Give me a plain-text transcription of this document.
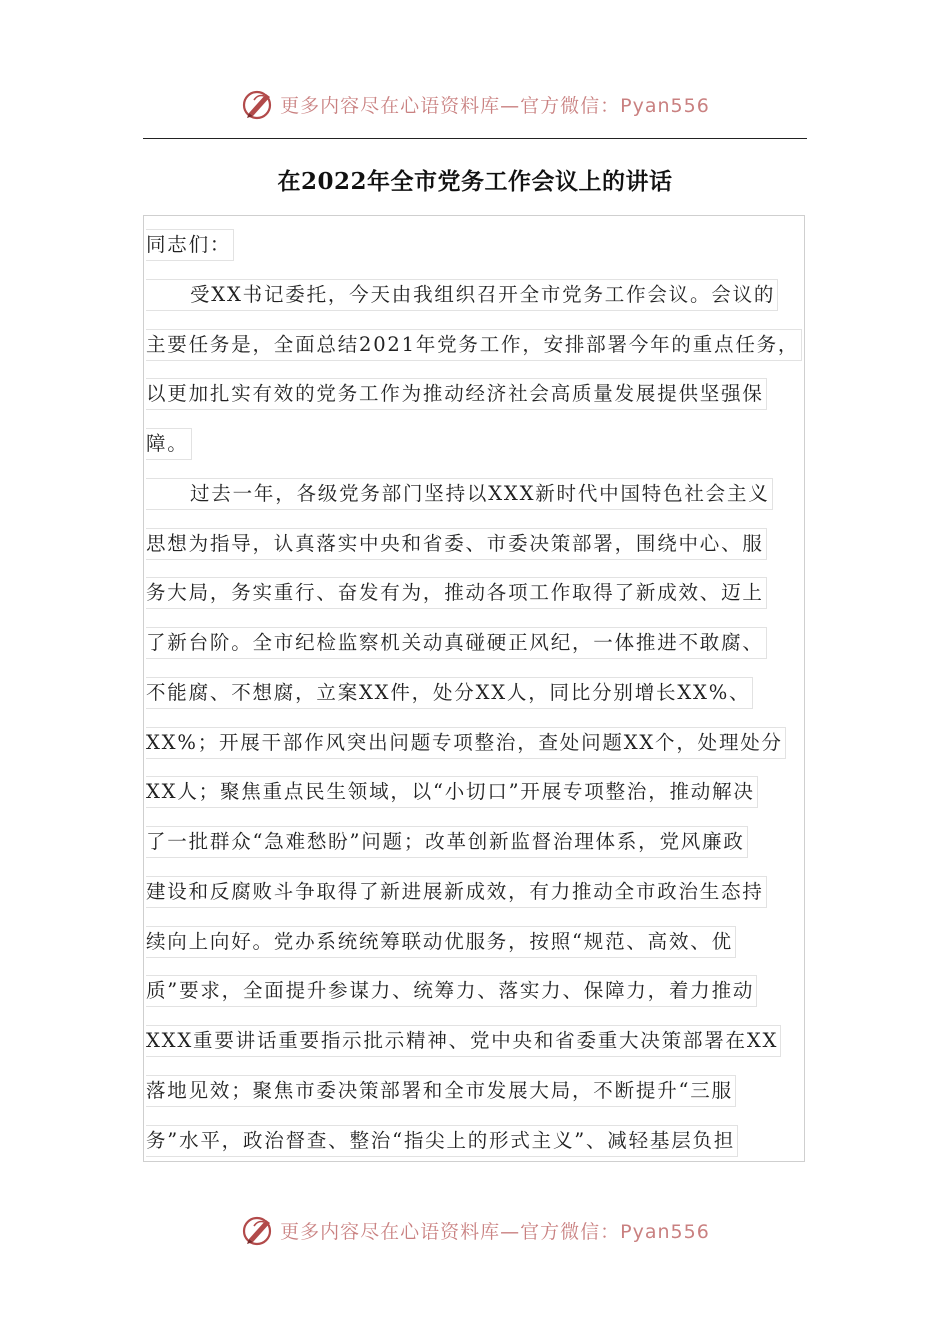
更多内容尽在心语资料库—官方微信：Pyan556
在2022年全市党务工作会议上的讲话
同志们：
受XX书记委托，今天由我组织召开全市党务工作会议。会议的
主要任务是，全面总结2021年党务工作，安排部署今年的重点任务，
以更加扎实有效的党务工作为推动经济社会高质量发展提供坚强保
障。
过去一年，各级党务部门坚持以XXX新时代中国特色社会主义
思想为指导，认真落实中央和省委、市委决策部署，围绕中心、服
务大局，务实重行、奋发有为，推动各项工作取得了新成效、迈上
了新台阶。全市纪检监察机关动真碰硬正风纪，一体推进不敢腐、
不能腐、不想腐，立案XX件，处分XX人，同比分别增长XX%、
XX%；开展干部作风突出问题专项整治，查处问题XX个，处理处分
XX人；聚焦重点民生领域，以“小切口”开展专项整治，推动解决
了一批群众“急难愁盼”问题；改革创新监督治理体系，党风廉政
建设和反腐败斗争取得了新进展新成效，有力推动全市政治生态持
续向上向好。党办系统统筹联动优服务，按照“规范、高效、优
质”要求，全面提升参谋力、统筹力、落实力、保障力，着力推动
XXX重要讲话重要指示批示精神、党中央和省委重大决策部署在XX
落地见效；聚焦市委决策部署和全市发展大局，不断提升“三服
务”水平，政治督查、整治“指尖上的形式主义”、减轻基层负担
更多内容尽在心语资料库—官方微信：Pyan556
